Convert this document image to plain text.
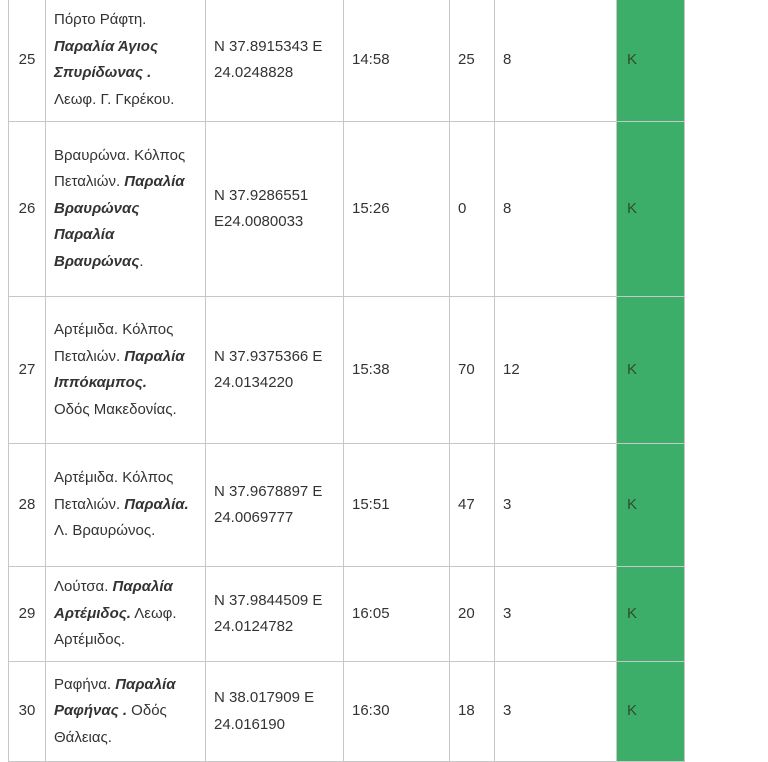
25	Πόρτο Ράφτη.
Παραλία Άγιος Σπυρίδωνας .
Λεωφ. Γ. Γκρέκου.	N 37.8915343 E 24.0248828	14:58	25	8	K
26	Βραυρώνα. Κόλπος Πεταλιών. Παραλία Βραυρώνας Παραλία Βραυρώνας.	N 37.9286551 E24.0080033	15:26	0	8	K
27	Αρτέμιδα. Κόλπος Πεταλιών. Παραλία Ιππόκαμπος.
Οδός Μακεδονίας.	N 37.9375366 E 24.0134220	15:38	70	12	K
28	Αρτέμιδα. Κόλπος Πεταλιών. Παραλία. Λ. Βραυρώνος.	N 37.9678897 E 24.0069777	15:51	47	3	K
29	Λούτσα. Παραλία Αρτέμιδος. Λεωφ. Αρτέμιδος.	N 37.9844509 E 24.0124782	16:05	20	3	K
30	Ραφήνα. Παραλία Ραφήνας . Οδός Θάλειας.	N 38.017909 E 24.016190	16:30	18	3	K
